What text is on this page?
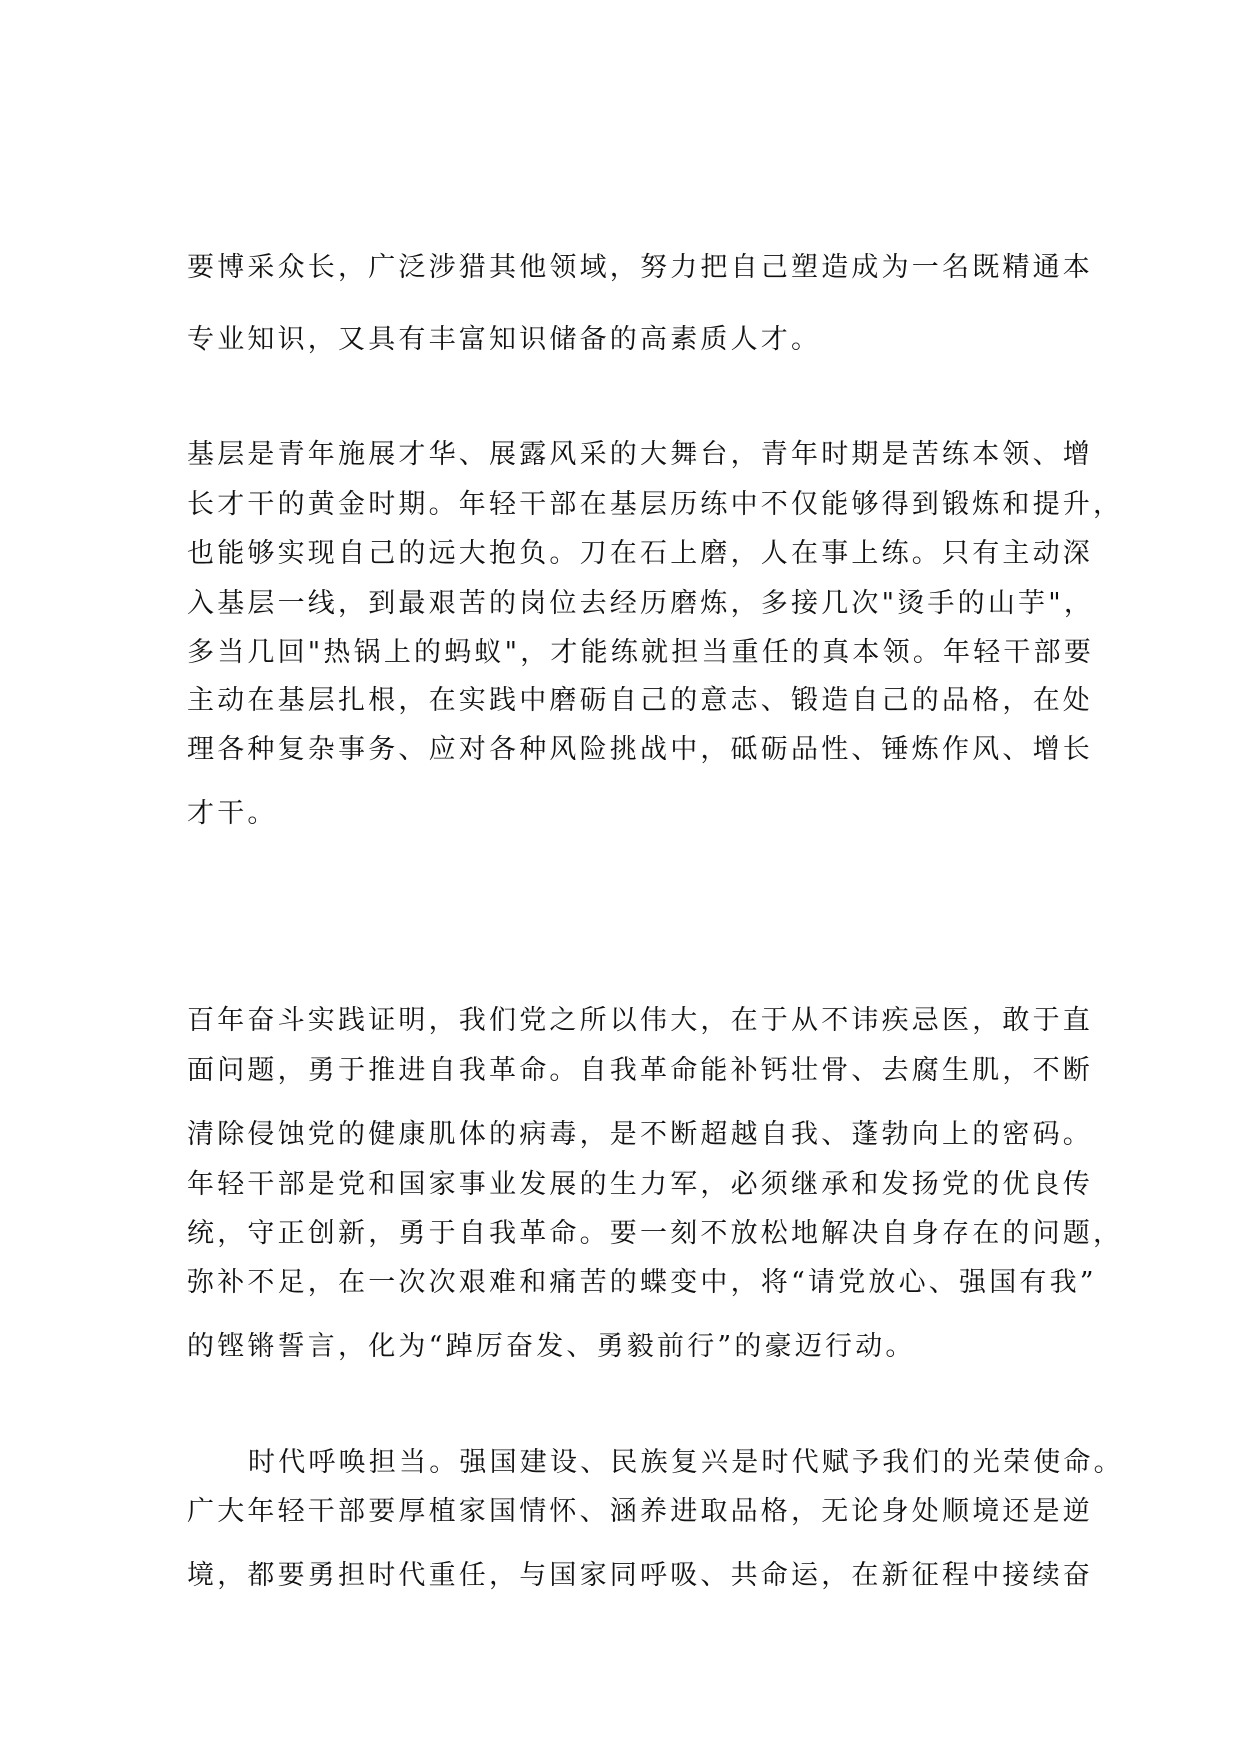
要博采众长，广泛涉猎其他领域，努力把自己塑造成为一名既精通本
专业知识，又具有丰富知识储备的高素质人才。
基层是青年施展才华、展露风采的大舞台，青年时期是苦练本领、增
长才干的黄金时期。年轻干部在基层历练中不仅能够得到锻炼和提升，
也能够实现自己的远大抱负。刀在石上磨，人在事上练。只有主动深
入基层一线，到最艰苦的岗位去经历磨炼，多接几次"烫手的山芋"，
多当几回"热锅上的蚂蚁"，才能练就担当重任的真本领。年轻干部要
主动在基层扎根，在实践中磨砺自己的意志、锻造自己的品格，在处
理各种复杂事务、应对各种风险挑战中，砥砺品性、锤炼作风、增长
才干。
百年奋斗实践证明，我们党之所以伟大，在于从不讳疾忌医，敢于直
面问题，勇于推进自我革命。自我革命能补钙壮骨、去腐生肌，不断
清除侵蚀党的健康肌体的病毒，是不断超越自我、蓬勃向上的密码。
年轻干部是党和国家事业发展的生力军，必须继承和发扬党的优良传
统，守正创新，勇于自我革命。要一刻不放松地解决自身存在的问题，
弥补不足，在一次次艰难和痛苦的蝶变中，将“请党放心、强国有我”
的铿锵誓言，化为“踔厉奋发、勇毅前行”的豪迈行动。
时代呼唤担当。强国建设、民族复兴是时代赋予我们的光荣使命。
广大年轻干部要厚植家国情怀、涵养进取品格，无论身处顺境还是逆
境，都要勇担时代重任，与国家同呼吸、共命运，在新征程中接续奋
